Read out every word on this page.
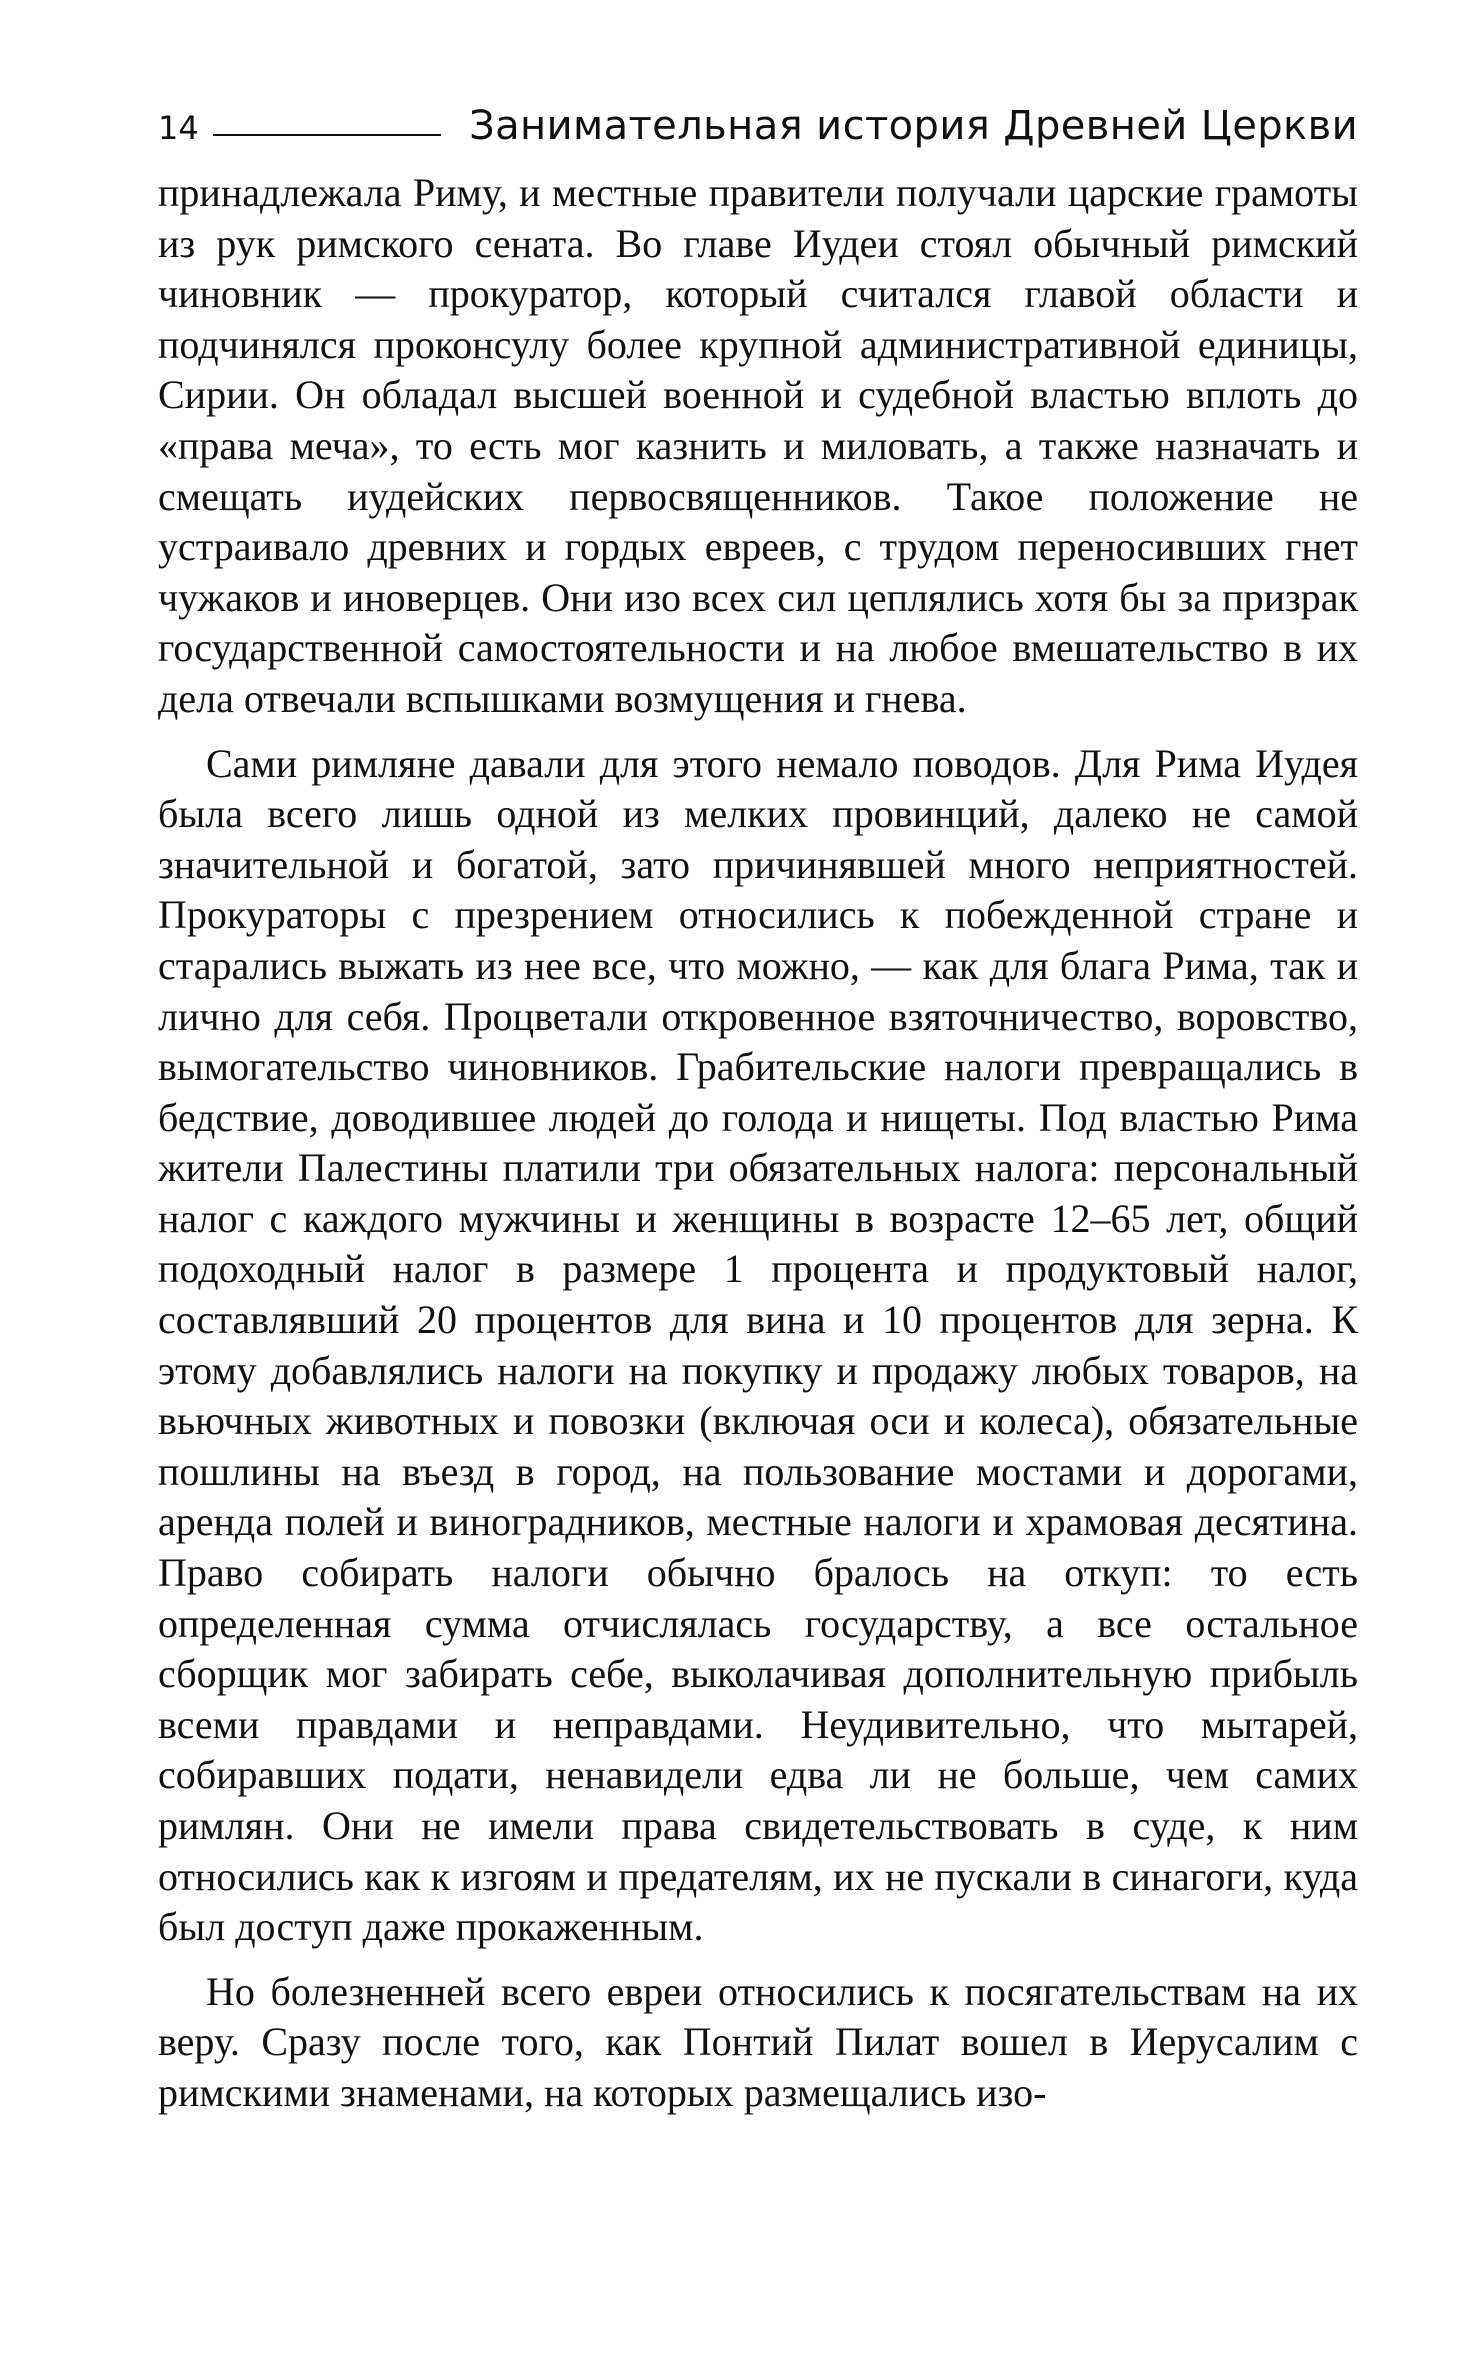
14	Занимательная история Древней Церкви

принадлежала Риму, и местные правители получали царские грамоты из рук римского сената. Во главе Иудеи стоял обычный римский чиновник — прокуратор, который считался главой области и подчинялся проконсулу более крупной административной единицы, Сирии. Он обладал высшей военной и судебной властью вплоть до «права меча», то есть мог казнить и миловать, а также назначать и смещать иудейских первосвященников. Такое положение не устраивало древних и гордых евреев, с трудом переносивших гнет чужаков и иноверцев. Они изо всех сил цеплялись хотя бы за призрак государственной самостоятельности и на любое вмешательство в их дела отвечали вспышками возмущения и гнева.

Сами римляне давали для этого немало поводов. Для Рима Иудея была всего лишь одной из мелких провинций, далеко не самой значительной и богатой, зато причинявшей много неприятностей. Прокураторы с презрением относились к побежденной стране и старались выжать из нее все, что можно, — как для блага Рима, так и лично для себя. Процветали откровенное взяточничество, воровство, вымогательство чиновников. Грабительские налоги превращались в бедствие, доводившее людей до голода и нищеты. Под властью Рима жители Палестины платили три обязательных налога: персональный налог с каждого мужчины и женщины в возрасте 12–65 лет, общий подоходный налог в размере 1 процента и продуктовый налог, составлявший 20 процентов для вина и 10 процентов для зерна. К этому добавлялись налоги на покупку и продажу любых товаров, на вьючных животных и повозки (включая оси и колеса), обязательные пошлины на въезд в город, на пользование мостами и дорогами, аренда полей и виноградников, местные налоги и храмовая десятина. Право собирать налоги обычно бралось на откуп: то есть определенная сумма отчислялась государству, а все остальное сборщик мог забирать себе, выколачивая дополнительную прибыль всеми правдами и неправдами. Неудивительно, что мытарей, собиравших подати, ненавидели едва ли не больше, чем самих римлян. Они не имели права свидетельствовать в суде, к ним относились как к изгоям и предателям, их не пускали в синагоги, куда был доступ даже прокаженным.

Но болезненней всего евреи относились к посягательствам на их веру. Сразу после того, как Понтий Пилат вошел в Иерусалим с римскими знаменами, на которых размещались изо-
